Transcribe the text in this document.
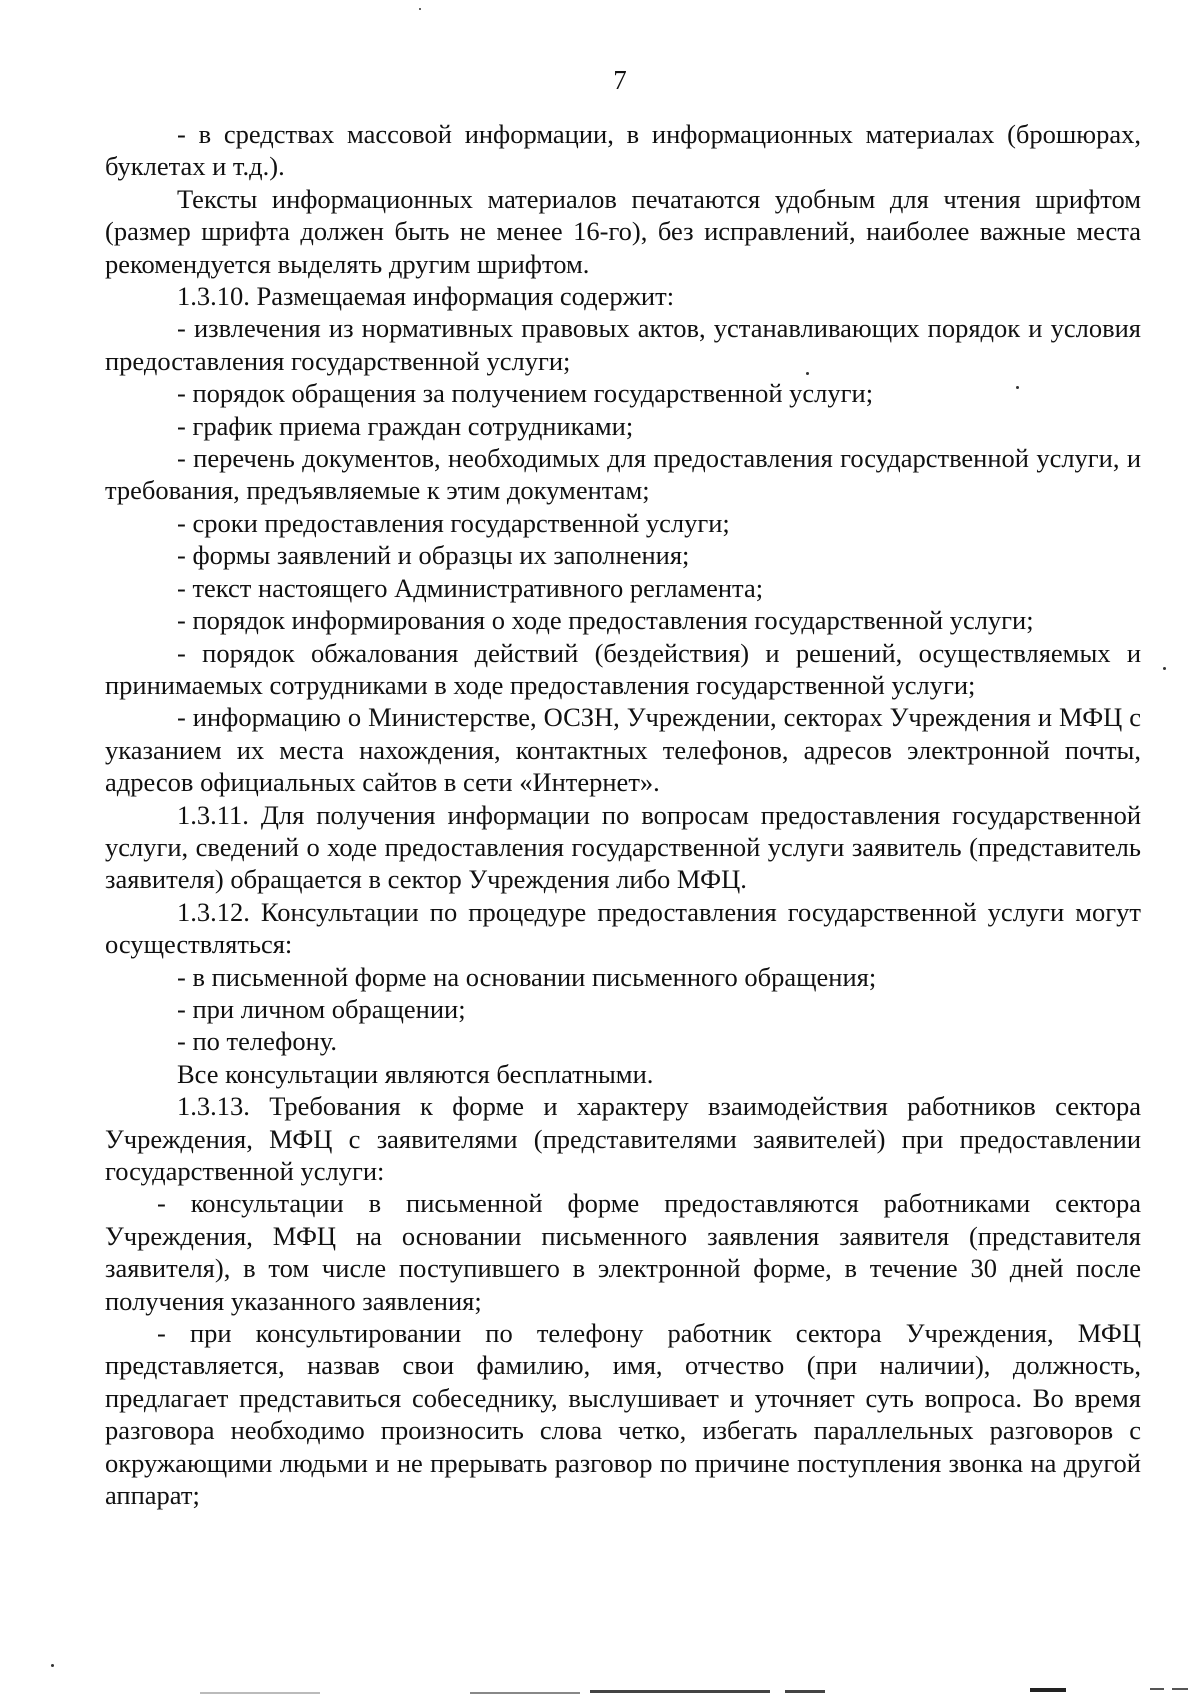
7

- в средствах массовой информации, в информационных материалах (брошюрах, буклетах и т.д.).

Тексты информационных материалов печатаются удобным для чтения шрифтом (размер шрифта должен быть не менее 16-го), без исправлений, наиболее важные места рекомендуется выделять другим шрифтом.

1.3.10. Размещаемая информация содержит:

- извлечения из нормативных правовых актов, устанавливающих порядок и условия предоставления государственной услуги;

- порядок обращения за получением государственной услуги;

- график приема граждан сотрудниками;

- перечень документов, необходимых для предоставления государственной услуги, и требования, предъявляемые к этим документам;

- сроки предоставления государственной услуги;

- формы заявлений и образцы их заполнения;

- текст настоящего Административного регламента;

- порядок информирования о ходе предоставления государственной услуги;

- порядок обжалования действий (бездействия) и решений, осуществляемых и принимаемых сотрудниками в ходе предоставления государственной услуги;

- информацию о Министерстве, ОСЗН, Учреждении, секторах Учреждения и МФЦ с указанием их места нахождения, контактных телефонов, адресов электронной почты, адресов официальных сайтов в сети «Интернет».

1.3.11. Для получения информации по вопросам предоставления государственной услуги, сведений о ходе предоставления государственной услуги заявитель (представитель заявителя) обращается в сектор Учреждения либо МФЦ.

1.3.12. Консультации по процедуре предоставления государственной услуги могут осуществляться:

- в письменной форме на основании письменного обращения;

- при личном обращении;

- по телефону.

Все консультации являются бесплатными.

1.3.13. Требования к форме и характеру взаимодействия работников сектора Учреждения, МФЦ с заявителями (представителями заявителей) при предоставлении государственной услуги:

- консультации в письменной форме предоставляются работниками сектора Учреждения, МФЦ на основании письменного заявления заявителя (представителя заявителя), в том числе поступившего в электронной форме, в течение 30 дней после получения указанного заявления;

- при консультировании по телефону работник сектора Учреждения, МФЦ представляется, назвав свои фамилию, имя, отчество (при наличии), должность, предлагает представиться собеседнику, выслушивает и уточняет суть вопроса. Во время разговора необходимо произносить слова четко, избегать параллельных разговоров с окружающими людьми и не прерывать разговор по причине поступления звонка на другой аппарат;
